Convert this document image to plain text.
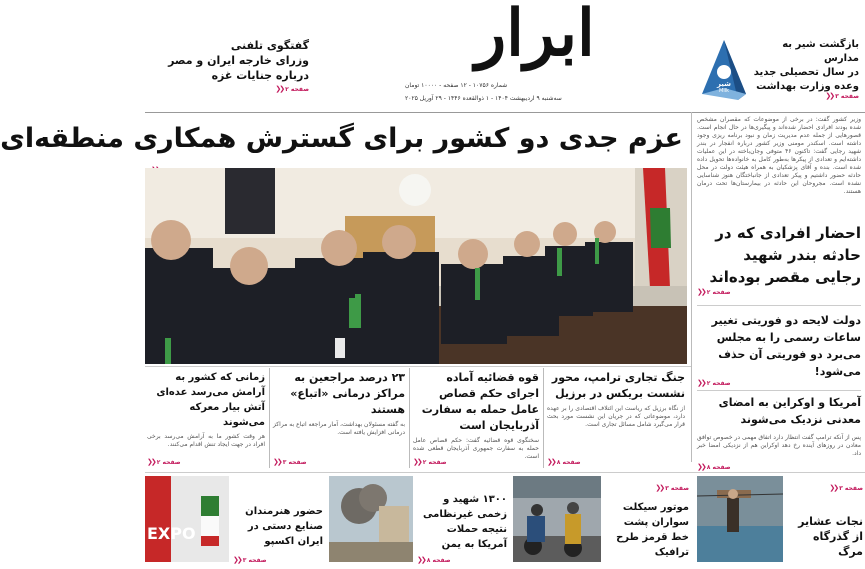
ابرار
شماره ۱۰۷۵۶ - ۱۲ صفحه - ۱۰۰۰۰ تومان
سه‌شنبه ۹ اردیبهشت ۱۴۰۴ - ۱ ذوالقعده ۱۴۴۶ - ۲۹ آوریل ۲۰۲۵
گفتگوی تلفنی
وزرای خارجه ایران و مصر
درباره جنایات غزه
صفحه ۲
❮❮
شیر
Milk
بازگشت شیر به مدارس
در سال تحصیلی جدید
وعده وزارت بهداشت
❯❯ صفحه ۳
عزم جدی دو کشور برای گسترش همکاری منطقه‌ای
وزیر کشور گفت: در برخی از موضوعات که مقصران مشخص شده بودند افرادی احضار شده‌اند و پیگیری‌ها در حال انجام است. قصورهایی از جمله عدم مدیریت زمان و نبود برنامه ریزی وجود داشته است. اسکندر مومنی وزیر کشور درباره انفجار در بندر شهید رجایی گفت: تاکنون ۴۶ متوفی وجان‌باخته در این عملیات داشته‌ایم و تعدادی از پیکرها به‌طور کامل به خانواده‌ها تحویل داده شده است. بنده و آقای پزشکیان به همراه هیئت دولت در محل حادثه حضور داشتیم و پیکر تعدادی از جانباختگان هنوز شناسایی نشده است. مجروحان این حادثه در بیمارستان‌ها تحت درمان هستند.
احضار افرادی که در حادثه بندر شهید رجایی مقصر بوده‌اند
❯❯ صفحه ۲
دولت لایحه دو فوریتی تغییر ساعات رسمی را به مجلس می‌برد دو فوریتی آن حذف می‌شود!
❯❯ صفحه ۲
آمریکا و اوکراین به امضای معدنی نزدیک می‌شوند
پس از آنکه ترامپ گفت انتظار دارد اتفاق مهمی در خصوص توافق معادن در روزهای آینده رخ دهد اوکراین هم از نزدیکی امضا خبر داد.
❯❯ صفحه ۸
جنگ تجاری ترامپ، محور نشست بریکس در برزیل
از نگاه برزیل که ریاست این ائتلاف اقتصادی را بر عهده دارد، موضوعاتی که در جریان این نشست مورد بحث قرار می‌گیرد شامل مسائل تجاری است.
صفحه ۸
❮❮
قوه قضائیه آماده اجرای حکم قصاص عامل حمله به سفارت آذربایجان است
سخنگوی قوه قضائیه گفت: حکم قصاص عامل حمله به سفارت جمهوری آذربایجان قطعی شده است.
صفحه ۲
❮❮
۲۳ درصد مراجعین به مراکز درمانی «اتباع» هستند
به گفته مسئولان بهداشت، آمار مراجعه اتباع به مراکز درمانی افزایش یافته است.
صفحه ۳
❮❮
زمانی که کشور به آرامش می‌رسد عده‌ای آتش بیار معرکه می‌شوند
هر وقت کشور ما به آرامش می‌رسد برخی افراد در جهت ایجاد تنش اقدام می‌کنند.
صفحه ۲
❮❮
نجات عشایر از گذرگاه مرگ
❯❯ صفحه ۳
موتور سیکلت سواران پشت خط قرمز طرح ترافیک
❯❯ صفحه ۳
۱۳۰۰ شهید و زخمی غیرنظامی نتیجه حملات آمریکا به یمن
صفحه ۸
❮❮
EXPO
حضور هنرمندان صنایع دستی در ایران اکسپو
صفحه ۳
❮❮
